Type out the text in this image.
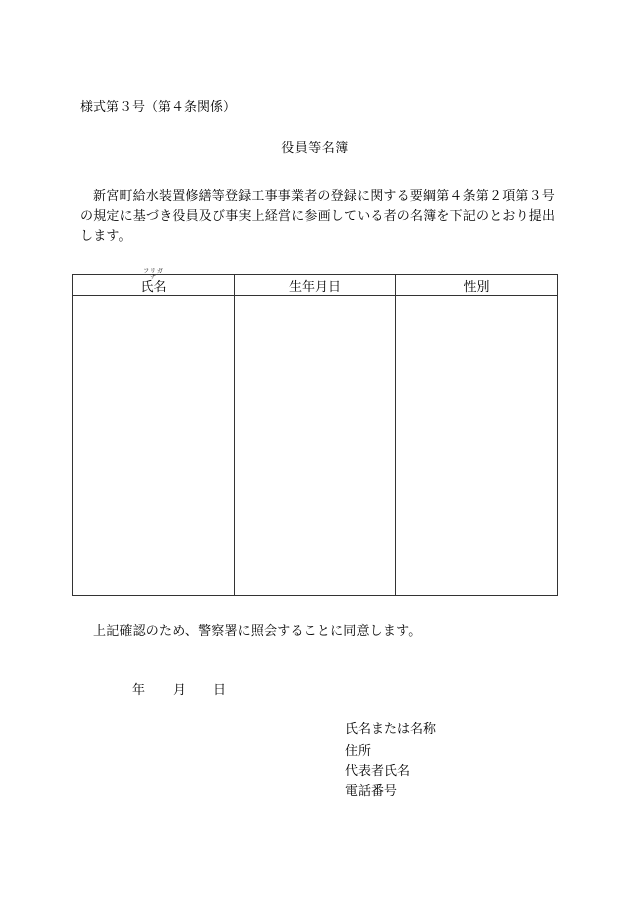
様式第３号（第４条関係）
役員等名簿
新宮町給水装置修繕等登録工事事業者の登録に関する要綱第４条第２項第３号の規定に基づき役員及び事実上経営に参画している者の名簿を下記のとおり提出します。
フリガナ
氏名	生年月日	性別

上記確認のため、警察署に照会することに同意します。
年 月 日
氏名または名称
住所
代表者氏名
電話番号
